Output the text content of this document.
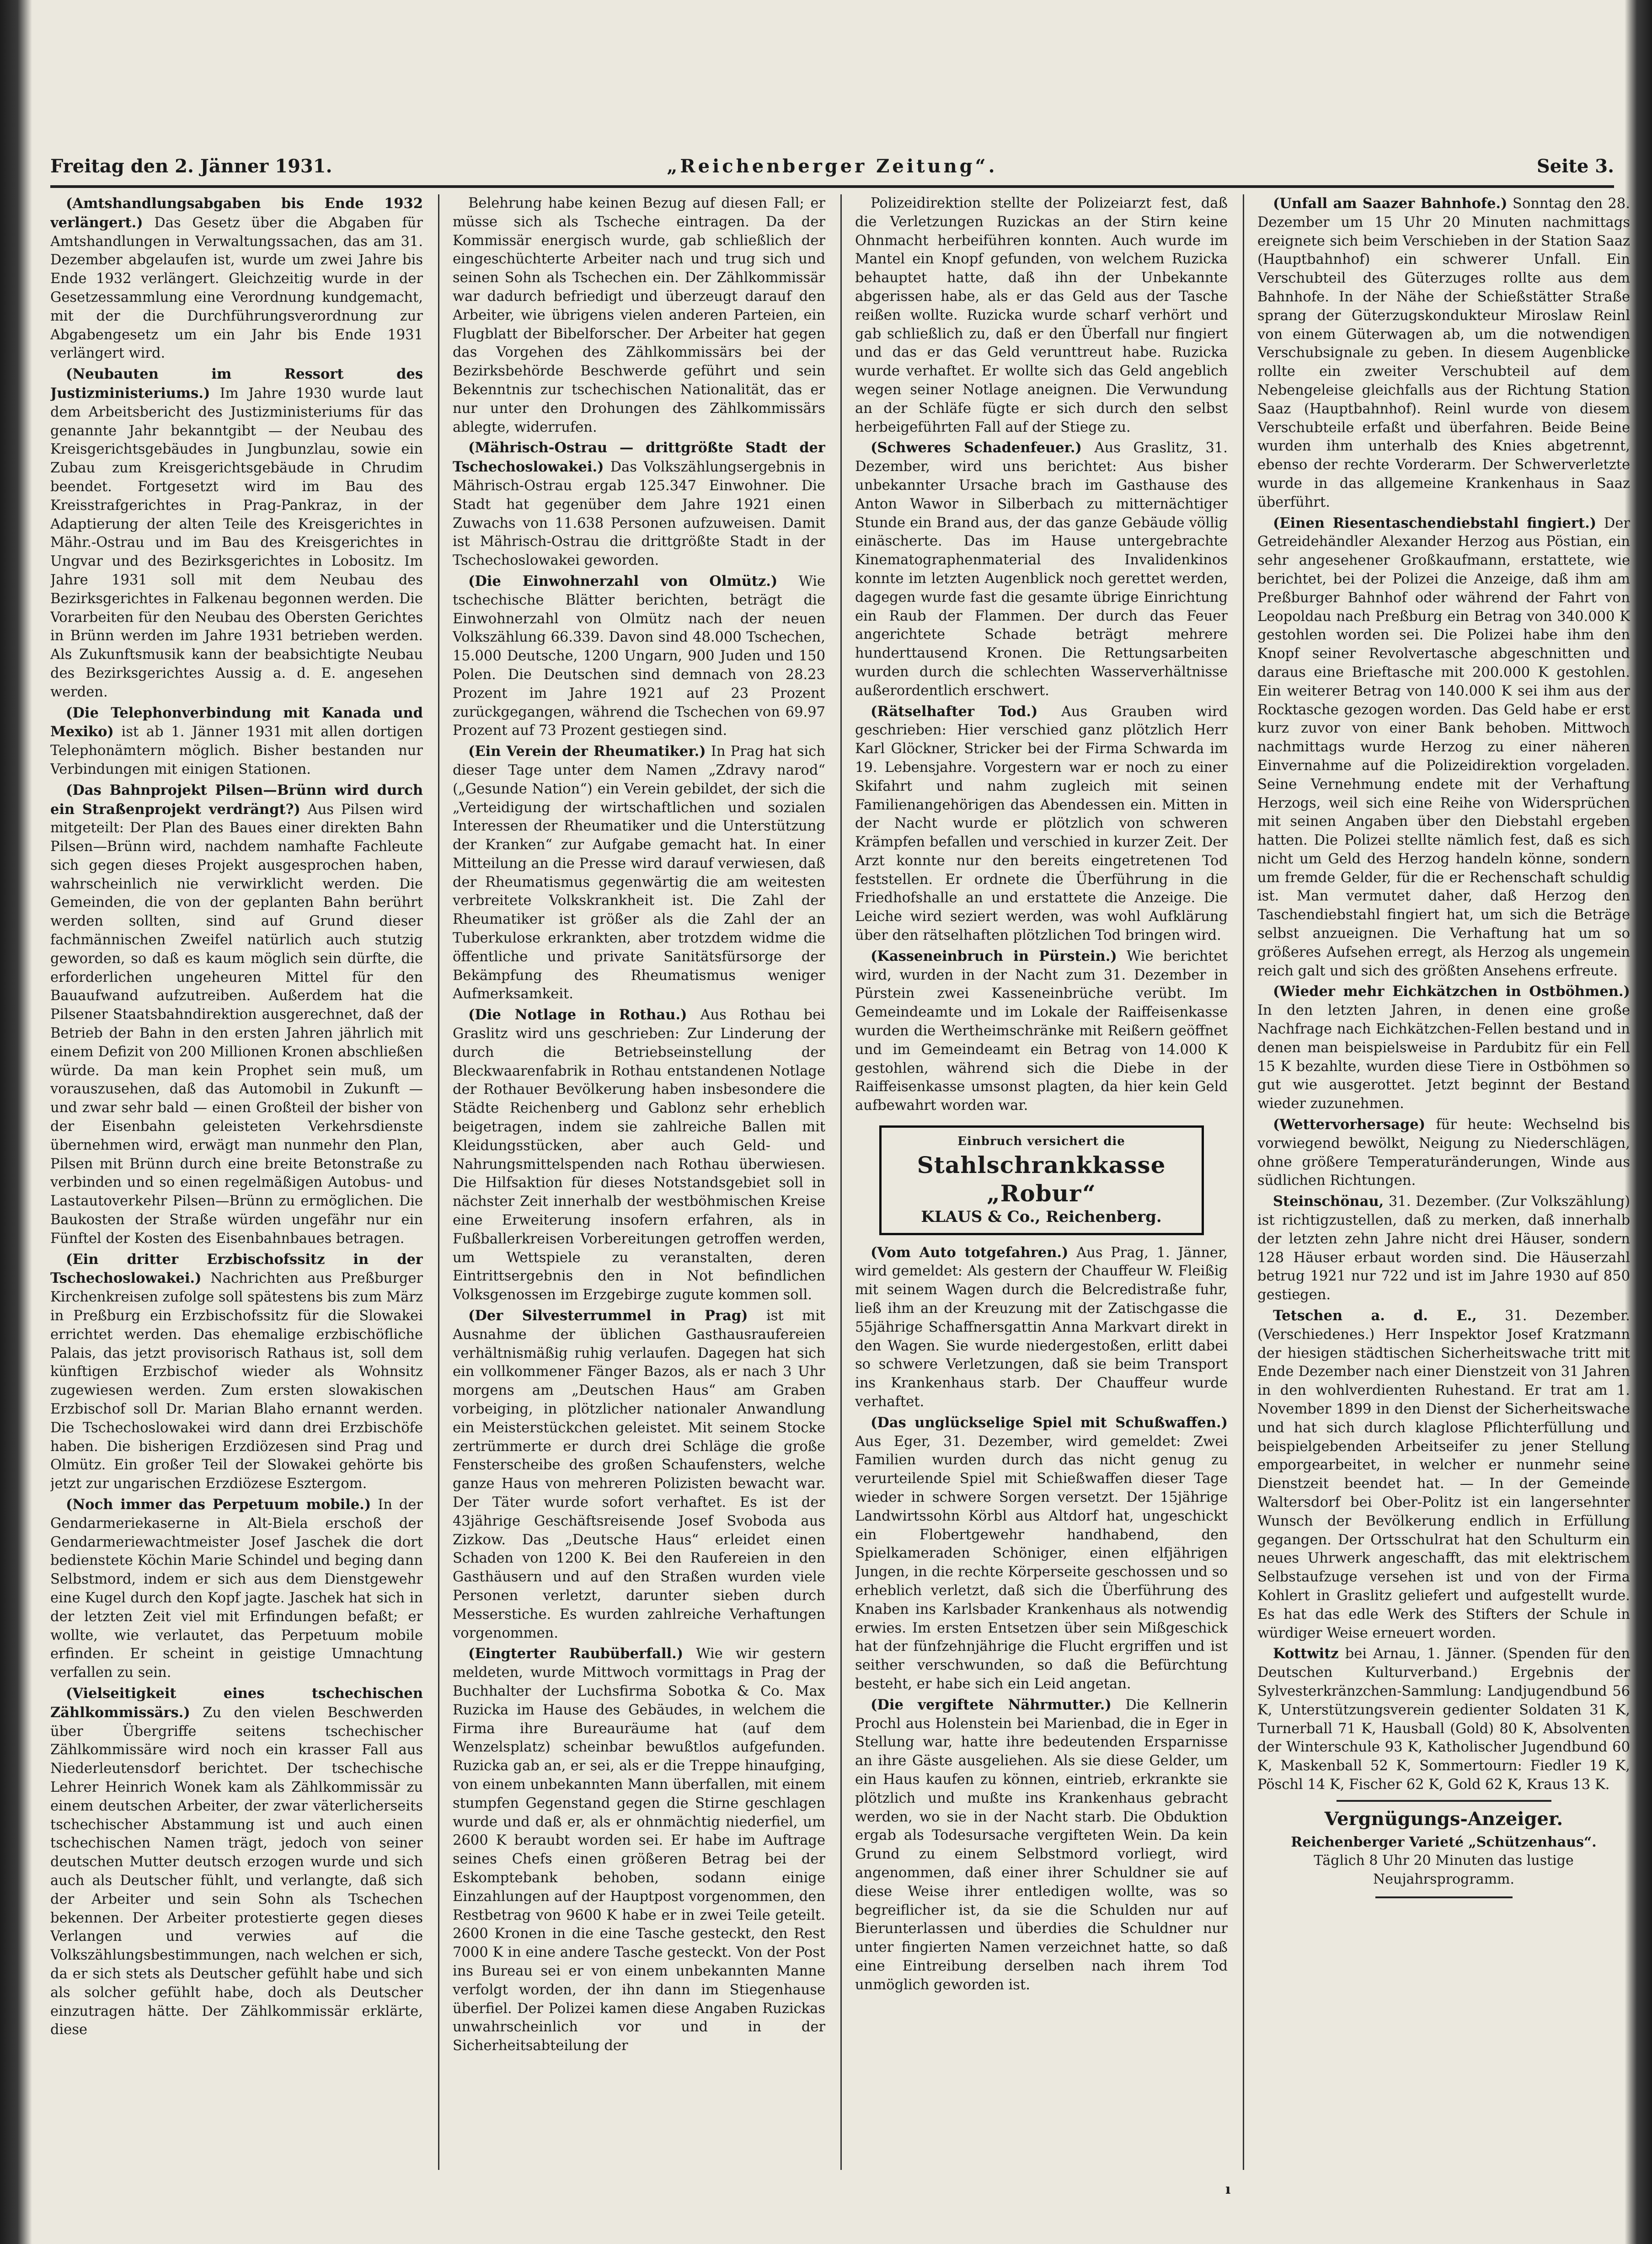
Freitag den 2. Jänner 1931.	„Reichenberger Zeitung“.	Seite 3.

(Amtshandlungsabgaben bis Ende 1932 verlängert.) Das Gesetz über die Abgaben für Amtshandlungen in Verwaltungssachen, das am 31. Dezember abgelaufen ist, wurde um zwei Jahre bis Ende 1932 verlängert. Gleichzeitig wurde in der Gesetzessammlung eine Verordnung kundgemacht, mit der die Durchführungsverordnung zur Abgabengesetz um ein Jahr bis Ende 1931 verlängert wird.

(Neubauten im Ressort des Justizministeriums.) Im Jahre 1930 wurde laut dem Arbeitsbericht des Justizministeriums für das genannte Jahr bekanntgibt — der Neubau des Kreisgerichtsgebäudes in Jungbunzlau, sowie ein Zubau zum Kreisgerichtsgebäude in Chrudim beendet. Fortgesetzt wird im Bau des Kreisstrafgerichtes in Prag-Pankraz, in der Adaptierung der alten Teile des Kreisgerichtes in Mähr.-Ostrau und im Bau des Kreisgerichtes in Ungvar und des Bezirksgerichtes in Lobositz. Im Jahre 1931 soll mit dem Neubau des Bezirksgerichtes in Falkenau begonnen werden. Die Vorarbeiten für den Neubau des Obersten Gerichtes in Brünn werden im Jahre 1931 betrieben werden. Als Zukunftsmusik kann der beabsichtigte Neubau des Bezirksgerichtes Aussig a. d. E. angesehen werden.

(Die Telephonverbindung mit Kanada und Mexiko) ist ab 1. Jänner 1931 mit allen dortigen Telephonämtern möglich. Bisher bestanden nur Verbindungen mit einigen Stationen.

(Das Bahnprojekt Pilsen—Brünn wird durch ein Straßenprojekt verdrängt?) Aus Pilsen wird mitgeteilt: Der Plan des Baues einer direkten Bahn Pilsen—Brünn wird, nachdem namhafte Fachleute sich gegen dieses Projekt ausgesprochen haben, wahrscheinlich nie verwirklicht werden. Die Gemeinden, die von der geplanten Bahn berührt werden sollten, sind auf Grund dieser fachmännischen Zweifel natürlich auch stutzig geworden, so daß es kaum möglich sein dürfte, die erforderlichen ungeheuren Mittel für den Bauaufwand aufzutreiben. Außerdem hat die Pilsener Staatsbahndirektion ausgerechnet, daß der Betrieb der Bahn in den ersten Jahren jährlich mit einem Defizit von 200 Millionen Kronen abschließen würde. Da man kein Prophet sein muß, um vorauszusehen, daß das Automobil in Zukunft — und zwar sehr bald — einen Großteil der bisher von der Eisenbahn geleisteten Verkehrsdienste übernehmen wird, erwägt man nunmehr den Plan, Pilsen mit Brünn durch eine breite Betonstraße zu verbinden und so einen regelmäßigen Autobus- und Lastautoverkehr Pilsen—Brünn zu ermöglichen. Die Baukosten der Straße würden ungefähr nur ein Fünftel der Kosten des Eisenbahnbaues betragen.

(Ein dritter Erzbischofssitz in der Tschechoslowakei.) Nachrichten aus Preßburger Kirchenkreisen zufolge soll spätestens bis zum März in Preßburg ein Erzbischofssitz für die Slowakei errichtet werden. Das ehemalige erzbischöfliche Palais, das jetzt provisorisch Rathaus ist, soll dem künftigen Erzbischof wieder als Wohnsitz zugewiesen werden. Zum ersten slowakischen Erzbischof soll Dr. Marian Blaho ernannt werden. Die Tschechoslowakei wird dann drei Erzbischöfe haben. Die bisherigen Erzdiözesen sind Prag und Olmütz. Ein großer Teil der Slowakei gehörte bis jetzt zur ungarischen Erzdiözese Esztergom.

(Noch immer das Perpetuum mobile.) In der Gendarmeriekaserne in Alt-Biela erschoß der Gendarmeriewachtmeister Josef Jaschek die dort bedienstete Köchin Marie Schindel und beging dann Selbstmord, indem er sich aus dem Dienstgewehr eine Kugel durch den Kopf jagte. Jaschek hat sich in der letzten Zeit viel mit Erfindungen befaßt; er wollte, wie verlautet, das Perpetuum mobile erfinden. Er scheint in geistige Umnachtung verfallen zu sein.

(Vielseitigkeit eines tschechischen Zählkommissärs.) Zu den vielen Beschwerden über Übergriffe seitens tschechischer Zählkommissäre wird noch ein krasser Fall aus Niederleutensdorf berichtet. Der tschechische Lehrer Heinrich Wonek kam als Zählkommissär zu einem deutschen Arbeiter, der zwar väterlicherseits tschechischer Abstammung ist und auch einen tschechischen Namen trägt, jedoch von seiner deutschen Mutter deutsch erzogen wurde und sich auch als Deutscher fühlt, und verlangte, daß sich der Arbeiter und sein Sohn als Tschechen bekennen. Der Arbeiter protestierte gegen dieses Verlangen und verwies auf die Volkszählungsbestimmungen, nach welchen er sich, da er sich stets als Deutscher gefühlt habe und sich als solcher gefühlt habe, doch als Deutscher einzutragen hätte. Der Zählkommissär erklärte, diese

Belehrung habe keinen Bezug auf diesen Fall; er müsse sich als Tscheche eintragen. Da der Kommissär energisch wurde, gab schließlich der eingeschüchterte Arbeiter nach und trug sich und seinen Sohn als Tschechen ein. Der Zählkommissär war dadurch befriedigt und überzeugt darauf den Arbeiter, wie übrigens vielen anderen Parteien, ein Flugblatt der Bibelforscher. Der Arbeiter hat gegen das Vorgehen des Zählkommissärs bei der Bezirksbehörde Beschwerde geführt und sein Bekenntnis zur tschechischen Nationalität, das er nur unter den Drohungen des Zählkommissärs ablegte, widerrufen.

(Mährisch-Ostrau — drittgrößte Stadt der Tschechoslowakei.) Das Volkszählungsergebnis in Mährisch-Ostrau ergab 125.347 Einwohner. Die Stadt hat gegenüber dem Jahre 1921 einen Zuwachs von 11.638 Personen aufzuweisen. Damit ist Mährisch-Ostrau die drittgrößte Stadt in der Tschechoslowakei geworden.

(Die Einwohnerzahl von Olmütz.) Wie tschechische Blätter berichten, beträgt die Einwohnerzahl von Olmütz nach der neuen Volkszählung 66.339. Davon sind 48.000 Tschechen, 15.000 Deutsche, 1200 Ungarn, 900 Juden und 150 Polen. Die Deutschen sind demnach von 28.23 Prozent im Jahre 1921 auf 23 Prozent zurückgegangen, während die Tschechen von 69.97 Prozent auf 73 Prozent gestiegen sind.

(Ein Verein der Rheumatiker.) In Prag hat sich dieser Tage unter dem Namen „Zdravy narod“ („Gesunde Nation“) ein Verein gebildet, der sich die „Verteidigung der wirtschaftlichen und sozialen Interessen der Rheumatiker und die Unterstützung der Kranken“ zur Aufgabe gemacht hat. In einer Mitteilung an die Presse wird darauf verwiesen, daß der Rheumatismus gegenwärtig die am weitesten verbreitete Volkskrankheit ist. Die Zahl der Rheumatiker ist größer als die Zahl der an Tuberkulose erkrankten, aber trotzdem widme die öffentliche und private Sanitätsfürsorge der Bekämpfung des Rheumatismus weniger Aufmerksamkeit.

(Die Notlage in Rothau.) Aus Rothau bei Graslitz wird uns geschrieben: Zur Linderung der durch die Betriebseinstellung der Bleckwaarenfabrik in Rothau entstandenen Notlage der Rothauer Bevölkerung haben insbesondere die Städte Reichenberg und Gablonz sehr erheblich beigetragen, indem sie zahlreiche Ballen mit Kleidungsstücken, aber auch Geld- und Nahrungsmittelspenden nach Rothau überwiesen. Die Hilfsaktion für dieses Notstandsgebiet soll in nächster Zeit innerhalb der westböhmischen Kreise eine Erweiterung insofern erfahren, als in Fußballerkreisen Vorbereitungen getroffen werden, um Wettspiele zu veranstalten, deren Eintrittsergebnis den in Not befindlichen Volksgenossen im Erzgebirge zugute kommen soll.

(Der Silvesterrummel in Prag) ist mit Ausnahme der üblichen Gasthausraufereien verhältnismäßig ruhig verlaufen. Dagegen hat sich ein vollkommener Fänger Bazos, als er nach 3 Uhr morgens am „Deutschen Haus“ am Graben vorbeiging, in plötzlicher nationaler Anwandlung ein Meisterstückchen geleistet. Mit seinem Stocke zertrümmerte er durch drei Schläge die große Fensterscheibe des großen Schaufensters, welche ganze Haus von mehreren Polizisten bewacht war. Der Täter wurde sofort verhaftet. Es ist der 43jährige Geschäftsreisende Josef Svoboda aus Zizkow. Das „Deutsche Haus“ erleidet einen Schaden von 1200 K. Bei den Raufereien in den Gasthäusern und auf den Straßen wurden viele Personen verletzt, darunter sieben durch Messerstiche. Es wurden zahlreiche Verhaftungen vorgenommen.

(Eingterter Raubüberfall.) Wie wir gestern meldeten, wurde Mittwoch vormittags in Prag der Buchhalter der Luchsfirma Sobotka & Co. Max Ruzicka im Hause des Gebäudes, in welchem die Firma ihre Bureauräume hat (auf dem Wenzelsplatz) scheinbar bewußtlos aufgefunden. Ruzicka gab an, er sei, als er die Treppe hinaufging, von einem unbekannten Mann überfallen, mit einem stumpfen Gegenstand gegen die Stirne geschlagen wurde und daß er, als er ohnmächtig niederfiel, um 2600 K beraubt worden sei. Er habe im Auftrage seines Chefs einen größeren Betrag bei der Eskomptebank behoben, sodann einige Einzahlungen auf der Hauptpost vorgenommen, den Restbetrag von 9600 K habe er in zwei Teile geteilt. 2600 Kronen in die eine Tasche gesteckt, den Rest 7000 K in eine andere Tasche gesteckt. Von der Post ins Bureau sei er von einem unbekannten Manne verfolgt worden, der ihn dann im Stiegenhause überfiel. Der Polizei kamen diese Angaben Ruzickas unwahrscheinlich vor und in der Sicherheitsabteilung der

Polizeidirektion stellte der Polizeiarzt fest, daß die Verletzungen Ruzickas an der Stirn keine Ohnmacht herbeiführen konnten. Auch wurde im Mantel ein Knopf gefunden, von welchem Ruzicka behauptet hatte, daß ihn der Unbekannte abgerissen habe, als er das Geld aus der Tasche reißen wollte. Ruzicka wurde scharf verhört und gab schließlich zu, daß er den Überfall nur fingiert und das er das Geld verunttreut habe. Ruzicka wurde verhaftet. Er wollte sich das Geld angeblich wegen seiner Notlage aneignen. Die Verwundung an der Schläfe fügte er sich durch den selbst herbeigeführten Fall auf der Stiege zu.

(Schweres Schadenfeuer.) Aus Graslitz, 31. Dezember, wird uns berichtet: Aus bisher unbekannter Ursache brach im Gasthause des Anton Wawor in Silberbach zu mitternächtiger Stunde ein Brand aus, der das ganze Gebäude völlig einäscherte. Das im Hause untergebrachte Kinematographenmaterial des Invalidenkinos konnte im letzten Augenblick noch gerettet werden, dagegen wurde fast die gesamte übrige Einrichtung ein Raub der Flammen. Der durch das Feuer angerichtete Schade beträgt mehrere hunderttausend Kronen. Die Rettungsarbeiten wurden durch die schlechten Wasserverhältnisse außerordentlich erschwert.

(Rätselhafter Tod.) Aus Grauben wird geschrieben: Hier verschied ganz plötzlich Herr Karl Glöckner, Stricker bei der Firma Schwarda im 19. Lebensjahre. Vorgestern war er noch zu einer Skifahrt und nahm zugleich mit seinen Familienangehörigen das Abendessen ein. Mitten in der Nacht wurde er plötzlich von schweren Krämpfen befallen und verschied in kurzer Zeit. Der Arzt konnte nur den bereits eingetretenen Tod feststellen. Er ordnete die Überführung in die Friedhofshalle an und erstattete die Anzeige. Die Leiche wird seziert werden, was wohl Aufklärung über den rätselhaften plötzlichen Tod bringen wird.

(Kasseneinbruch in Pürstein.) Wie berichtet wird, wurden in der Nacht zum 31. Dezember in Pürstein zwei Kasseneinbrüche verübt. Im Gemeindeamte und im Lokale der Raiffeisenkasse wurden die Wertheimschränke mit Reißern geöffnet und im Gemeindeamt ein Betrag von 14.000 K gestohlen, während sich die Diebe in der Raiffeisenkasse umsonst plagten, da hier kein Geld aufbewahrt worden war.

Einbruch versichert die
Stahlschrankkasse „Robur“
KLAUS & Co., Reichenberg.

(Vom Auto totgefahren.) Aus Prag, 1. Jänner, wird gemeldet: Als gestern der Chauffeur W. Fleißig mit seinem Wagen durch die Belcredistraße fuhr, ließ ihm an der Kreuzung mit der Zatischgasse die 55jährige Schaffnersgattin Anna Markvart direkt in den Wagen. Sie wurde niedergestoßen, erlitt dabei so schwere Verletzungen, daß sie beim Transport ins Krankenhaus starb. Der Chauffeur wurde verhaftet.

(Das unglückselige Spiel mit Schußwaffen.) Aus Eger, 31. Dezember, wird gemeldet: Zwei Familien wurden durch das nicht genug zu verurteilende Spiel mit Schießwaffen dieser Tage wieder in schwere Sorgen versetzt. Der 15jährige Landwirtssohn Körbl aus Altdorf hat, ungeschickt ein Flobertgewehr handhabend, den Spielkameraden Schöniger, einen elfjährigen Jungen, in die rechte Körperseite geschossen und so erheblich verletzt, daß sich die Überführung des Knaben ins Karlsbader Krankenhaus als notwendig erwies. Im ersten Entsetzen über sein Mißgeschick hat der fünfzehnjährige die Flucht ergriffen und ist seither verschwunden, so daß die Befürchtung besteht, er habe sich ein Leid angetan.

(Die vergiftete Nährmutter.) Die Kellnerin Prochl aus Holenstein bei Marienbad, die in Eger in Stellung war, hatte ihre bedeutenden Ersparnisse an ihre Gäste ausgeliehen. Als sie diese Gelder, um ein Haus kaufen zu können, eintrieb, erkrankte sie plötzlich und mußte ins Krankenhaus gebracht werden, wo sie in der Nacht starb. Die Obduktion ergab als Todesursache vergifteten Wein. Da kein Grund zu einem Selbstmord vorliegt, wird angenommen, daß einer ihrer Schuldner sie auf diese Weise ihrer entledigen wollte, was so begreiflicher ist, da sie die Schulden nur auf Bierunterlassen und überdies die Schuldner nur unter fingierten Namen verzeichnet hatte, so daß eine Eintreibung derselben nach ihrem Tod unmöglich geworden ist.

(Unfall am Saazer Bahnhofe.) Sonntag den 28. Dezember um 15 Uhr 20 Minuten nachmittags ereignete sich beim Verschieben in der Station Saaz (Hauptbahnhof) ein schwerer Unfall. Ein Verschubteil des Güterzuges rollte aus dem Bahnhofe. In der Nähe der Schießstätter Straße sprang der Güterzugskondukteur Miroslaw Reinl von einem Güterwagen ab, um die notwendigen Verschubsignale zu geben. In diesem Augenblicke rollte ein zweiter Verschubteil auf dem Nebengeleise gleichfalls aus der Richtung Station Saaz (Hauptbahnhof). Reinl wurde von diesem Verschubteile erfaßt und überfahren. Beide Beine wurden ihm unterhalb des Knies abgetrennt, ebenso der rechte Vorderarm. Der Schwerverletzte wurde in das allgemeine Krankenhaus in Saaz überführt.

(Einen Riesentaschendiebstahl fingiert.) Der Getreidehändler Alexander Herzog aus Pöstian, ein sehr angesehener Großkaufmann, erstattete, wie berichtet, bei der Polizei die Anzeige, daß ihm am Preßburger Bahnhof oder während der Fahrt von Leopoldau nach Preßburg ein Betrag von 340.000 K gestohlen worden sei. Die Polizei habe ihm den Knopf seiner Revolvertasche abgeschnitten und daraus eine Brieftasche mit 200.000 K gestohlen. Ein weiterer Betrag von 140.000 K sei ihm aus der Rocktasche gezogen worden. Das Geld habe er erst kurz zuvor von einer Bank behoben. Mittwoch nachmittags wurde Herzog zu einer näheren Einvernahme auf die Polizeidirektion vorgeladen. Seine Vernehmung endete mit der Verhaftung Herzogs, weil sich eine Reihe von Widersprüchen mit seinen Angaben über den Diebstahl ergeben hatten. Die Polizei stellte nämlich fest, daß es sich nicht um Geld des Herzog handeln könne, sondern um fremde Gelder, für die er Rechenschaft schuldig ist. Man vermutet daher, daß Herzog den Taschendiebstahl fingiert hat, um sich die Beträge selbst anzueignen. Die Verhaftung hat um so größeres Aufsehen erregt, als Herzog als ungemein reich galt und sich des größten Ansehens erfreute.

(Wieder mehr Eichkätzchen in Ostböhmen.) In den letzten Jahren, in denen eine große Nachfrage nach Eichkätzchen-Fellen bestand und in denen man beispielsweise in Pardubitz für ein Fell 15 K bezahlte, wurden diese Tiere in Ostböhmen so gut wie ausgerottet. Jetzt beginnt der Bestand wieder zuzunehmen.

(Wettervorhersage) für heute: Wechselnd bis vorwiegend bewölkt, Neigung zu Niederschlägen, ohne größere Temperaturänderungen, Winde aus südlichen Richtungen.

Steinschönau, 31. Dezember. (Zur Volkszählung) ist richtigzustellen, daß zu merken, daß innerhalb der letzten zehn Jahre nicht drei Häuser, sondern 128 Häuser erbaut worden sind. Die Häuserzahl betrug 1921 nur 722 und ist im Jahre 1930 auf 850 gestiegen.

Tetschen a. d. E., 31. Dezember. (Verschiedenes.) Herr Inspektor Josef Kratzmann der hiesigen städtischen Sicherheitswache tritt mit Ende Dezember nach einer Dienstzeit von 31 Jahren in den wohlverdienten Ruhestand. Er trat am 1. November 1899 in den Dienst der Sicherheitswache und hat sich durch klaglose Pflichterfüllung und beispielgebenden Arbeitseifer zu jener Stellung emporgearbeitet, in welcher er nunmehr seine Dienstzeit beendet hat. — In der Gemeinde Waltersdorf bei Ober-Politz ist ein langersehnter Wunsch der Bevölkerung endlich in Erfüllung gegangen. Der Ortsschulrat hat den Schulturm ein neues Uhrwerk angeschafft, das mit elektrischem Selbstaufzuge versehen ist und von der Firma Kohlert in Graslitz geliefert und aufgestellt wurde. Es hat das edle Werk des Stifters der Schule in würdiger Weise erneuert worden.

Kottwitz bei Arnau, 1. Jänner. (Spenden für den Deutschen Kulturverband.) Ergebnis der Sylvesterkränzchen-Sammlung: Landjugendbund 56 K, Unterstützungsverein gedienter Soldaten 31 K, Turnerball 71 K, Hausball (Gold) 80 K, Absolventen der Winterschule 93 K, Katholischer Jugendbund 60 K, Maskenball 52 K, Sommertourn: Fiedler 19 K, Pöschl 14 K, Fischer 62 K, Gold 62 K, Kraus 13 K.

Vergnügungs-Anzeiger.
Reichenberger Varieté „Schützenhaus“.
Täglich 8 Uhr 20 Minuten das lustige Neujahrsprogramm.
ı
